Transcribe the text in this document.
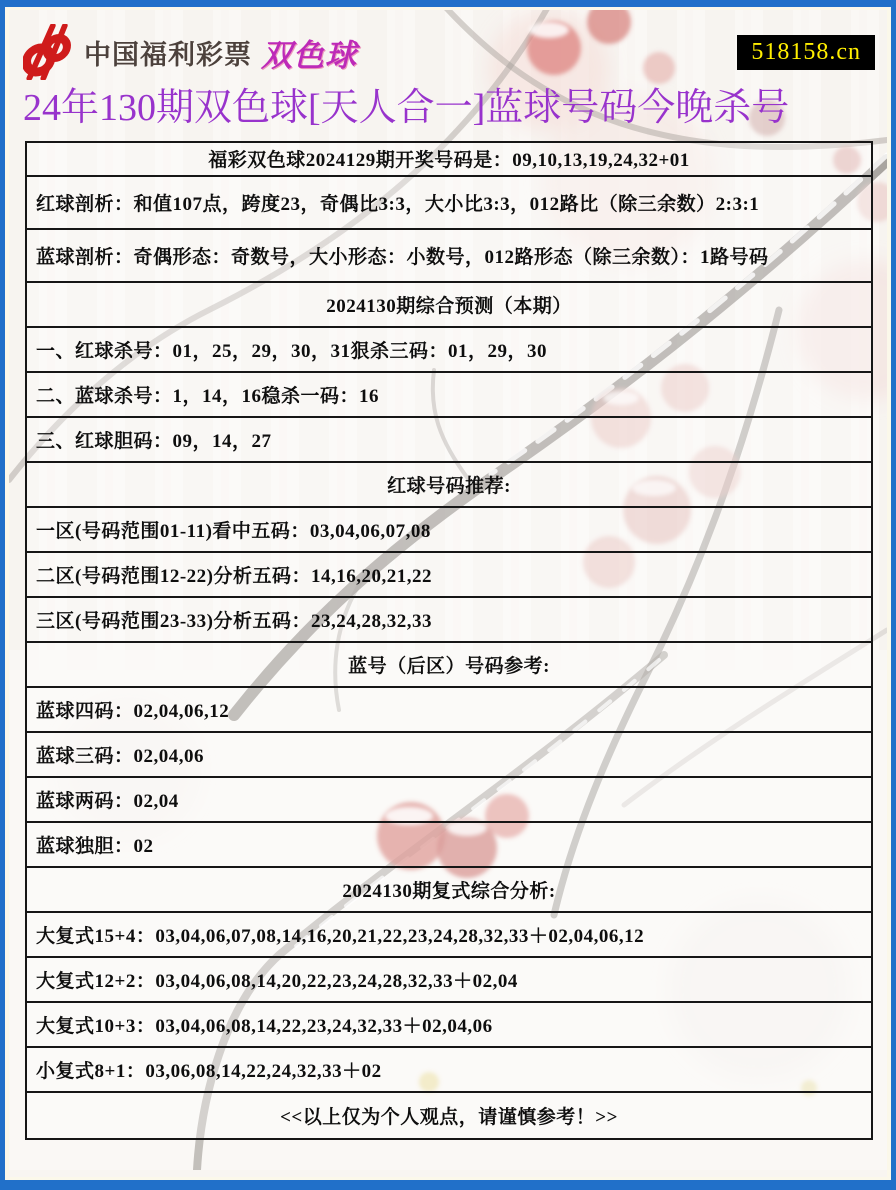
中国福利彩票 双色球	518158.cn
24年130期双色球[天人合一]蓝球号码今晚杀号
福彩双色球2024129期开奖号码是：09,10,13,19,24,32+01
红球剖析：和值107点，跨度23，奇偶比3:3，大小比3:3，012路比（除三余数）2:3:1
蓝球剖析：奇偶形态：奇数号，大小形态：小数号，012路形态（除三余数）：1路号码
2024130期综合预测（本期）
一、红球杀号：01，25，29，30，31狠杀三码：01，29，30
二、蓝球杀号：1，14，16稳杀一码：16
三、红球胆码：09，14，27
红球号码推荐:
一区(号码范围01-11)看中五码：03,04,06,07,08
二区(号码范围12-22)分析五码：14,16,20,21,22
三区(号码范围23-33)分析五码：23,24,28,32,33
蓝号（后区）号码参考:
蓝球四码：02,04,06,12
蓝球三码：02,04,06
蓝球两码：02,04
蓝球独胆：02
2024130期复式综合分析:
大复式15+4：03,04,06,07,08,14,16,20,21,22,23,24,28,32,33＋02,04,06,12
大复式12+2：03,04,06,08,14,20,22,23,24,28,32,33＋02,04
大复式10+3：03,04,06,08,14,22,23,24,32,33＋02,04,06
小复式8+1：03,06,08,14,22,24,32,33＋02
<<以上仅为个人观点，请谨慎参考！>>
